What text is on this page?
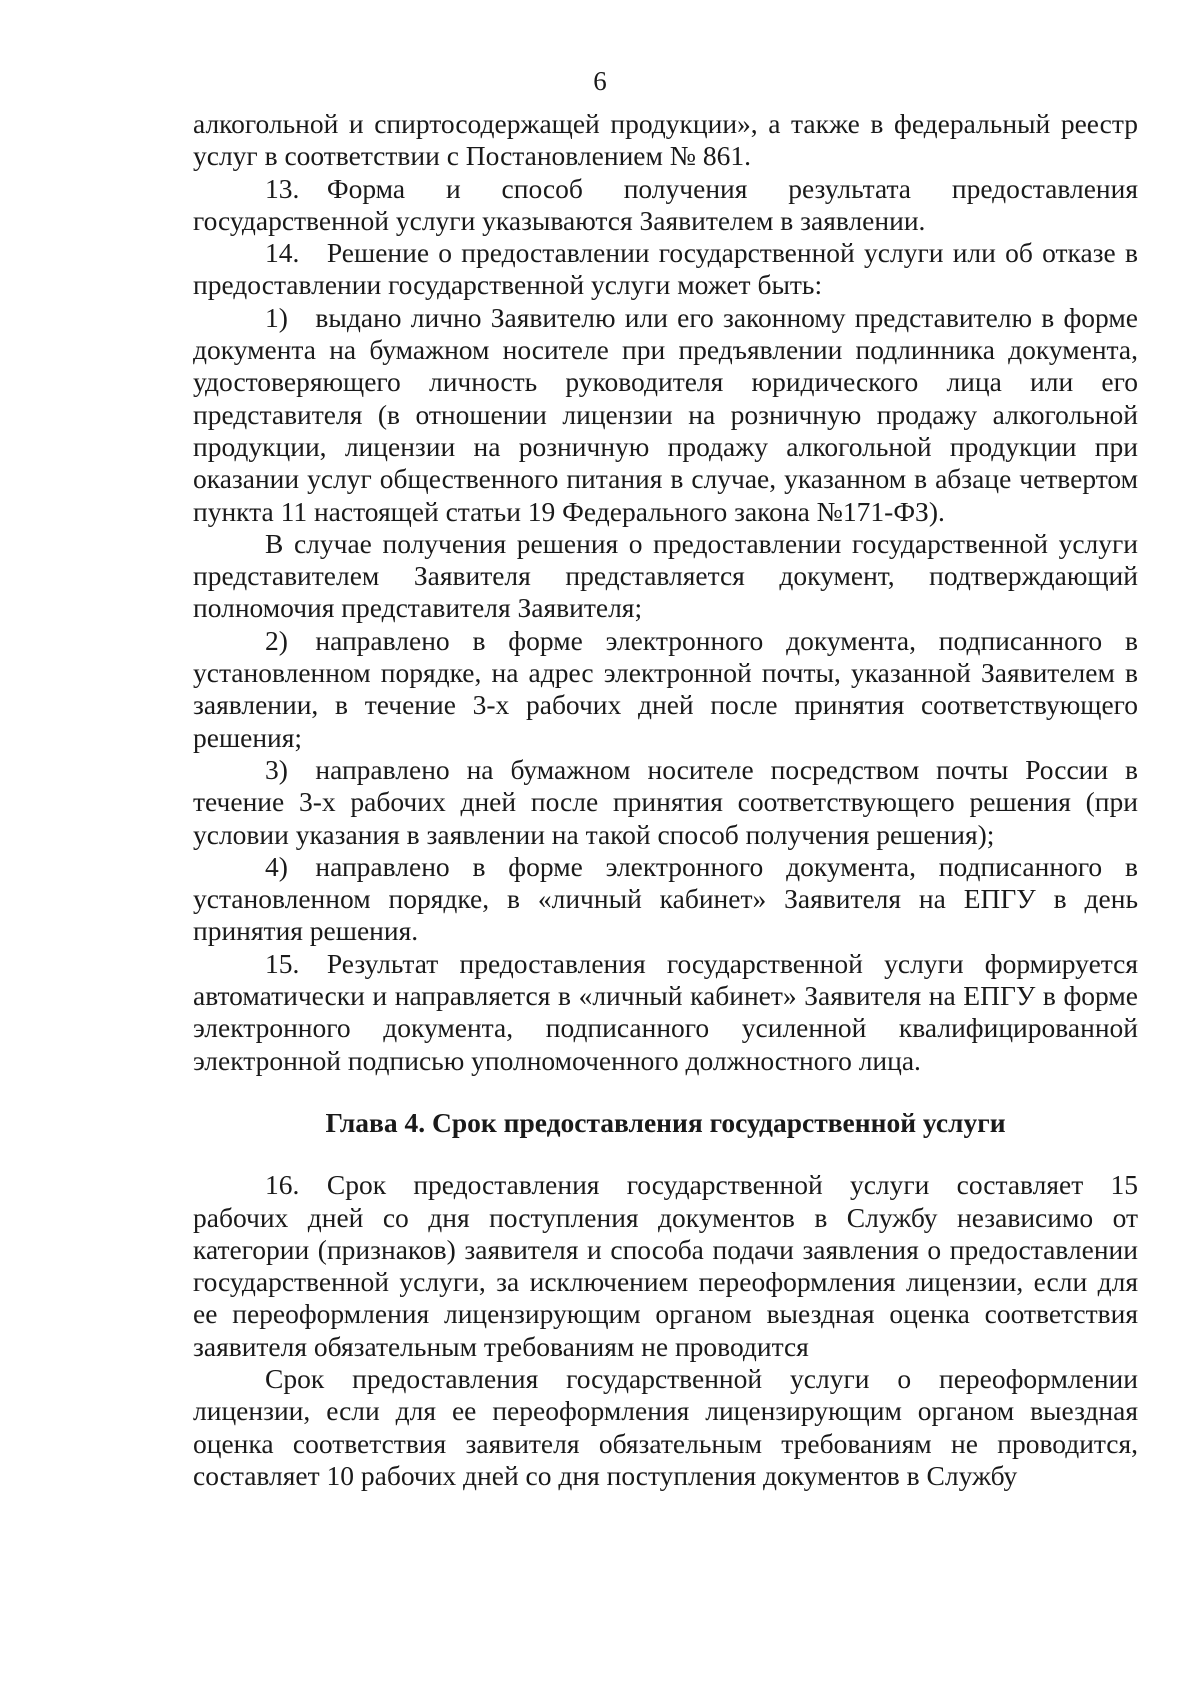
6

алкогольной и спиртосодержащей продукции», а также в федеральный реестр услуг в соответствии с Постановлением № 861.

13. Форма и способ получения результата предоставления государственной услуги указываются Заявителем в заявлении.

14. Решение о предоставлении государственной услуги или об отказе в предоставлении государственной услуги может быть:

1) выдано лично Заявителю или его законному представителю в форме документа на бумажном носителе при предъявлении подлинника документа, удостоверяющего личность руководителя юридического лица или его представителя (в отношении лицензии на розничную продажу алкогольной продукции, лицензии на розничную продажу алкогольной продукции при оказании услуг общественного питания в случае, указанном в абзаце четвертом пункта 11 настоящей статьи 19 Федерального закона №171-ФЗ).

В случае получения решения о предоставлении государственной услуги представителем Заявителя представляется документ, подтверждающий полномочия представителя Заявителя;

2) направлено в форме электронного документа, подписанного в установленном порядке, на адрес электронной почты, указанной Заявителем в заявлении, в течение 3-х рабочих дней после принятия соответствующего решения;

3) направлено на бумажном носителе посредством почты России в течение 3-х рабочих дней после принятия соответствующего решения (при условии указания в заявлении на такой способ получения решения);

4) направлено в форме электронного документа, подписанного в установленном порядке, в «личный кабинет» Заявителя на ЕПГУ в день принятия решения.

15. Результат предоставления государственной услуги формируется автоматически и направляется в «личный кабинет» Заявителя на ЕПГУ в форме электронного документа, подписанного усиленной квалифицированной электронной подписью уполномоченного должностного лица.

Глава 4. Срок предоставления государственной услуги

16. Срок предоставления государственной услуги составляет 15 рабочих дней со дня поступления документов в Службу независимо от категории (признаков) заявителя и способа подачи заявления о предоставлении государственной услуги, за исключением переоформления лицензии, если для ее переоформления лицензирующим органом выездная оценка соответствия заявителя обязательным требованиям не проводится

Срок предоставления государственной услуги о переоформлении лицензии, если для ее переоформления лицензирующим органом выездная оценка соответствия заявителя обязательным требованиям не проводится, составляет 10 рабочих дней со дня поступления документов в Службу
